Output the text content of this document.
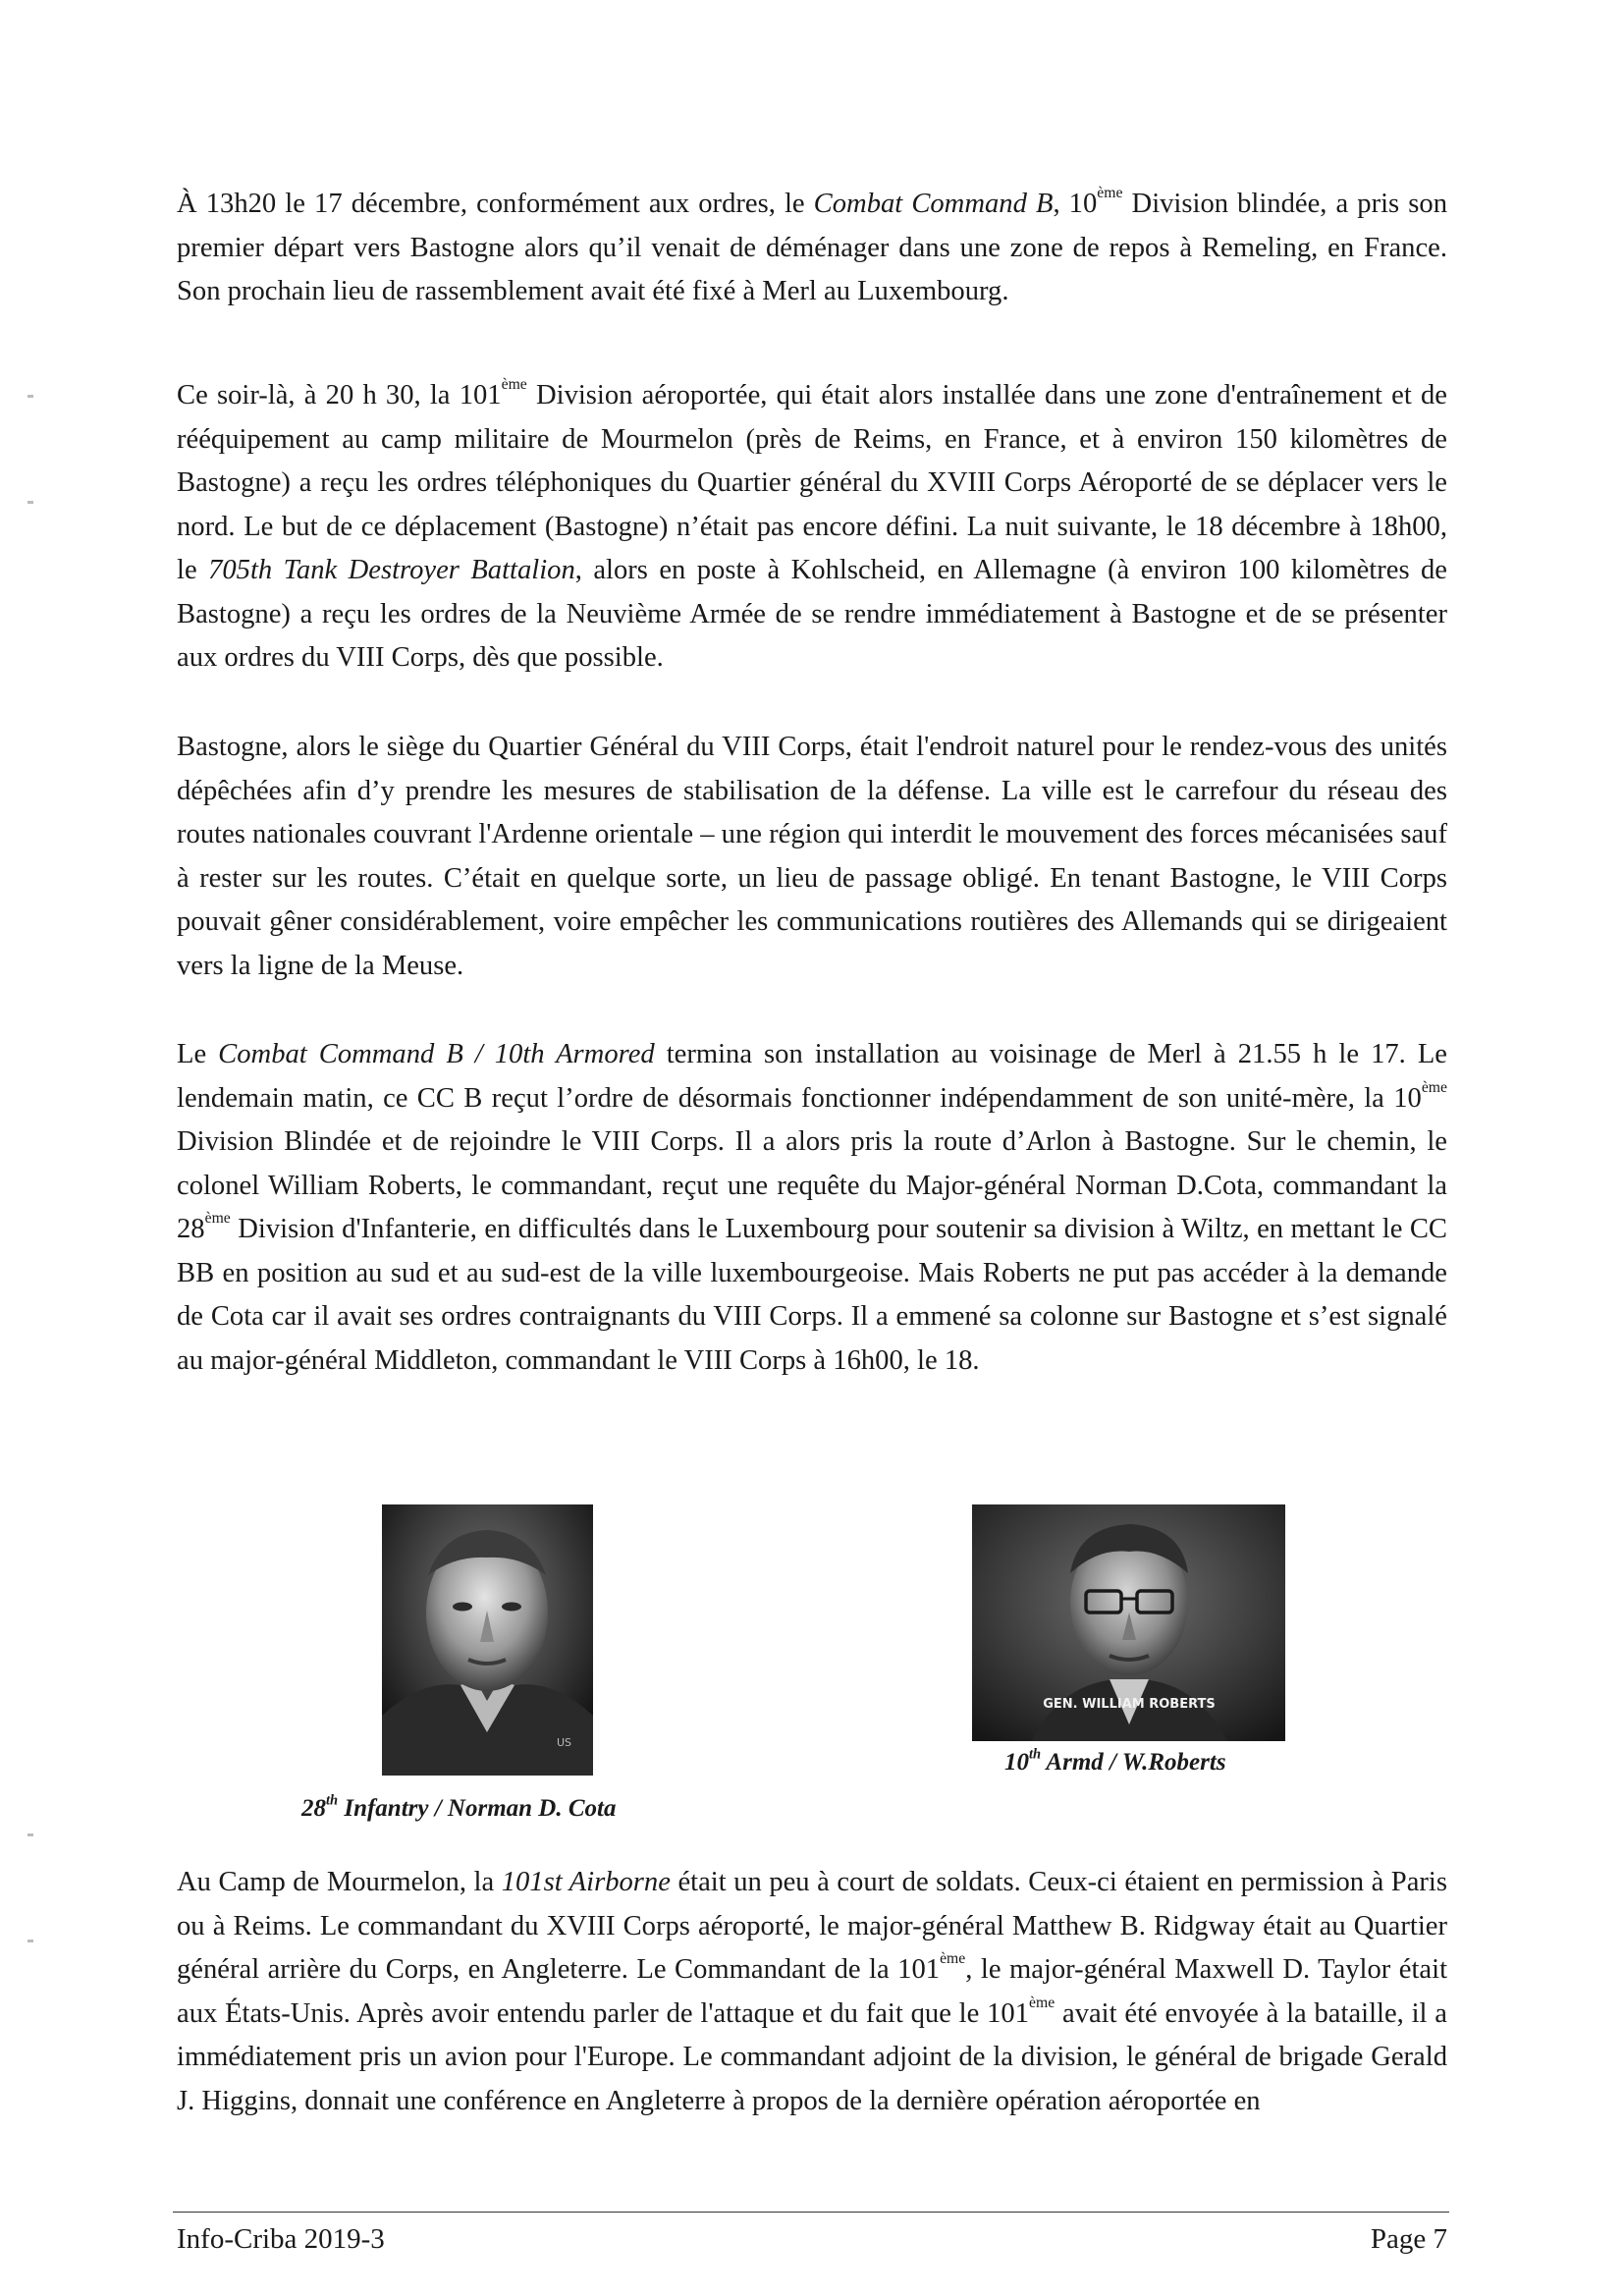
À 13h20 le 17 décembre, conformément aux ordres, le Combat Command B, 10ème Division blindée, a pris son premier départ vers Bastogne alors qu’il venait de déménager dans une zone de repos à Remeling, en France. Son prochain lieu de rassemblement avait été fixé à Merl au Luxembourg.

Ce soir-là, à 20 h 30, la 101ème Division aéroportée, qui était alors installée dans une zone d'entraînement et de rééquipement au camp militaire de Mourmelon (près de Reims, en France, et à environ 150 kilomètres de Bastogne) a reçu les ordres téléphoniques du Quartier général du XVIII Corps Aéroporté de se déplacer vers le nord. Le but de ce déplacement (Bastogne) n’était pas encore défini. La nuit suivante, le 18 décembre à 18h00, le 705th Tank Destroyer Battalion, alors en poste à Kohlscheid, en Allemagne (à environ 100 kilomètres de Bastogne) a reçu les ordres de la Neuvième Armée de se rendre immédiatement à Bastogne et de se présenter aux ordres du VIII Corps, dès que possible.

Bastogne, alors le siège du Quartier Général du VIII Corps, était l'endroit naturel pour le rendez-vous des unités dépêchées afin d’y prendre les mesures de stabilisation de la défense. La ville est le carrefour du réseau des routes nationales couvrant l'Ardenne orientale – une région qui interdit le mouvement des forces mécanisées sauf à rester sur les routes. C’était en quelque sorte, un lieu de passage obligé. En tenant Bastogne, le VIII Corps pouvait gêner considérablement, voire empêcher les communications routières des Allemands qui se dirigeaient vers la ligne de la Meuse.

Le Combat Command B / 10th Armored termina son installation au voisinage de Merl à 21.55 h le 17. Le lendemain matin, ce CC B reçut l’ordre de désormais fonctionner indépendamment de son unité-mère, la 10ème Division Blindée et de rejoindre le VIII Corps. Il a alors pris la route d’Arlon à Bastogne. Sur le chemin, le colonel William Roberts, le commandant, reçut une requête du Major-général Norman D.Cota, commandant la 28ème Division d'Infanterie, en difficultés dans le Luxembourg pour soutenir sa division à Wiltz, en mettant le CC BB en position au sud et au sud-est de la ville luxembourgeoise. Mais Roberts ne put pas accéder à la demande de Cota car il avait ses ordres contraignants du VIII Corps. Il a emmené sa colonne sur Bastogne et s’est signalé au major-général Middleton, commandant le VIII Corps à 16h00, le 18.

US
28th Infantry / Norman D. Cota
GEN. WILLIAM ROBERTS
10th Armd / W.Roberts

Au Camp de Mourmelon, la 101st Airborne était un peu à court de soldats. Ceux-ci étaient en permission à Paris ou à Reims. Le commandant du XVIII Corps aéroporté, le major-général Matthew B. Ridgway était au Quartier général arrière du Corps, en Angleterre. Le Commandant de la 101ème, le major-général Maxwell D. Taylor était aux États-Unis. Après avoir entendu parler de l'attaque et du fait que le 101ème avait été envoyée à la bataille, il a immédiatement pris un avion pour l'Europe. Le commandant adjoint de la division, le général de brigade Gerald J. Higgins, donnait une conférence en Angleterre à propos de la dernière opération aéroportée en

Info-Criba 2019-3	Page 7
